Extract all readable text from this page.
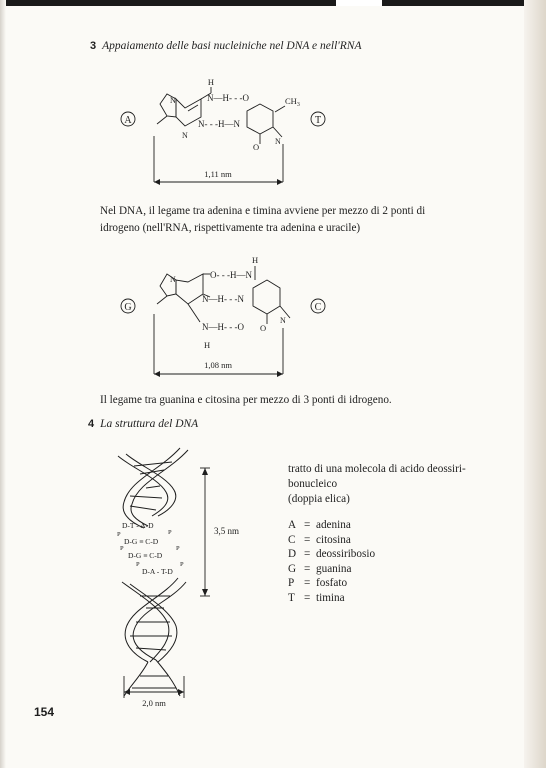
3 Appaiamento delle basi nucleiniche nel DNA e nell'RNA
A	T
H
N—H- - -O
N- - -H—N
N
N
$CH_3$
O
N
1,11 nm
Nel DNA, il legame tra adenina e timina avviene per mezzo di 2 ponti di
idrogeno (nell'RNA, rispettivamente tra adenina e uracile)
G	C
O- - -H—N
N—H- - -N
N—H- - -O
H
N
H
O
N
1,08 nm
Il legame tra guanina e citosina per mezzo di 3 ponti di idrogeno.
4 La struttura del DNA
D-T - A-D
D-G ≡ C-D
D-G ≡ C-D
D-A - T-D
P	P
P	P
P	P
3,5 nm
2,0 nm
tratto di una molecola di acido deossiri-
bonucleico
(doppia elica)
A = adenina
C = citosina
D = deossiribosio
G = guanina
P = fosfato
T = timina
154
